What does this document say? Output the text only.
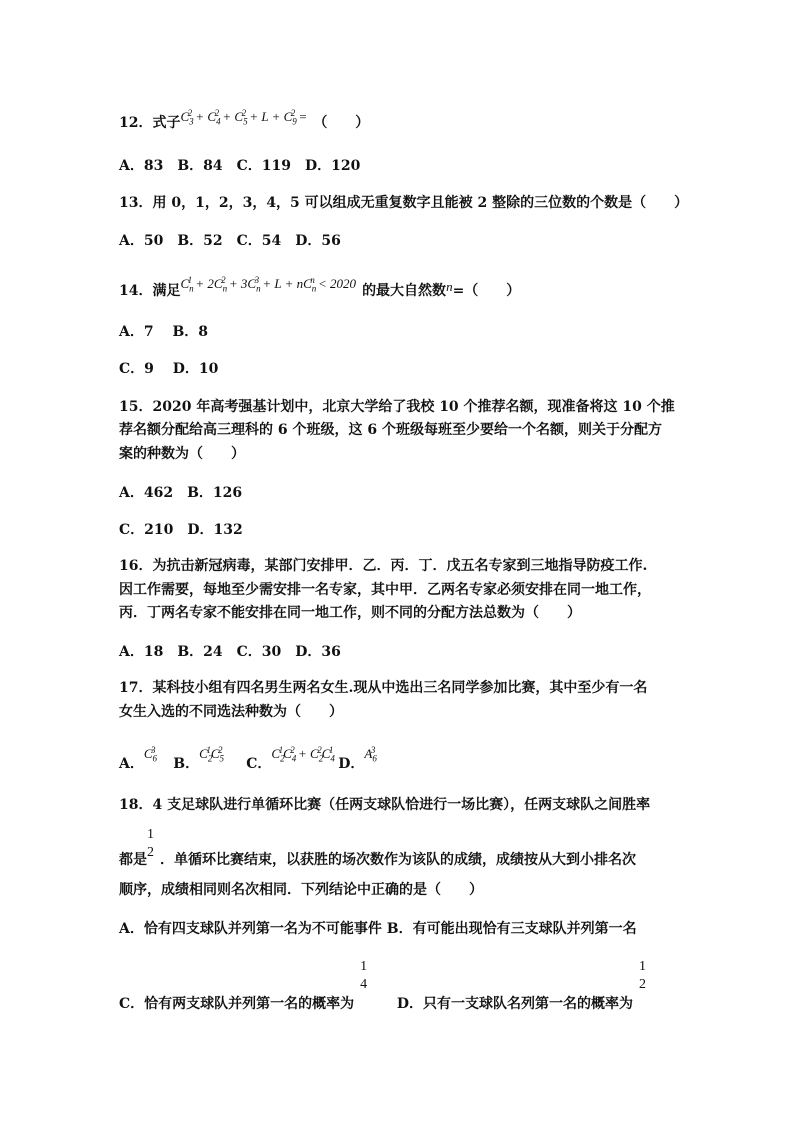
12．式子$C_3^2 + C_4^2 + C_5^2 + L + C_9^2$ = （　　）
A．83　B．84　C．119　D．120
13．用 0，1，2，3，4，5 可以组成无重复数字且能被 2 整除的三位数的个数是（　　）
A．50　B．52　C．54　D．56
14．满足$C_n^1 + 2C_n^2 + 3C_n^3 + L + nC_n^n < 2020$ 的最大自然数n=（　　）
A．7　 B．8
C．9　 D．10
15．2020 年高考强基计划中，北京大学给了我校 10 个推荐名额，现准备将这 10 个推
荐名额分配给高三理科的 6 个班级，这 6 个班级每班至少要给一个名额，则关于分配方
案的种数为（　　）
A．462　B．126
C．210　D．132
16．为抗击新冠病毒，某部门安排甲．乙．丙．丁．戊五名专家到三地指导防疫工作.
因工作需要，每地至少需安排一名专家，其中甲．乙两名专家必须安排在同一地工作，
丙．丁两名专家不能安排在同一地工作，则不同的分配方法总数为（　　）
A．18　B．24　C．30　D．36
17．某科技小组有四名男生两名女生.现从中选出三名同学参加比赛，其中至少有一名
女生入选的不同选法种数为（　　）
A．$C_6^3$  B．$C_2^1C_5^2$  C．$C_2^1C_4^2 + C_2^2C_4^1$ D．$A_6^3$
18．4 支足球队进行单循环比赛（任两支球队恰进行一场比赛），任两支球队之间胜率
都是
1
2 ．单循环比赛结束，以获胜的场次数作为该队的成绩，成绩按从大到小排名次
顺序，成绩相同则名次相同．下列结论中正确的是（　　）
A．恰有四支球队并列第一名为不可能事件 B．有可能出现恰有三支球队并列第一名
C．恰有两支球队并列第一名的概率为
1
4
D．只有一支球队名列第一名的概率为
1
2
